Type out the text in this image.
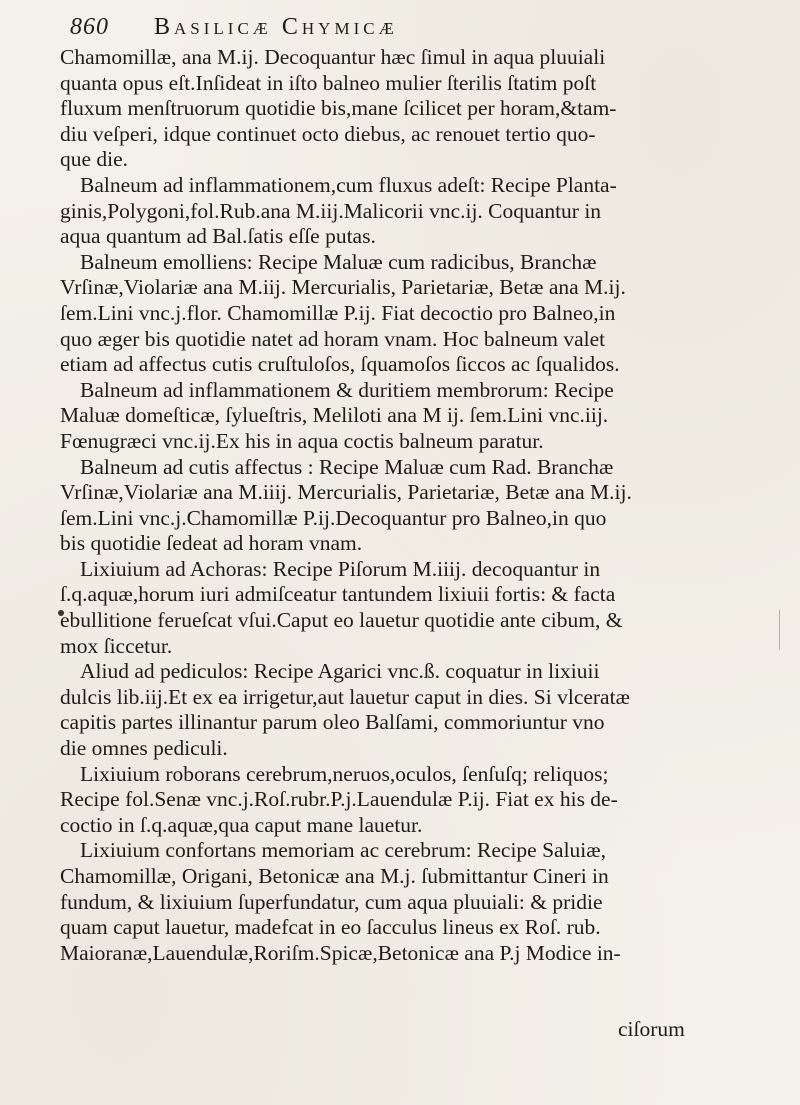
860 Basilicæ Chymicæ
Chamomillæ, ana M.ij. Decoquantur hæc ſimul in aqua pluuiali
quanta opus eſt.Inſideat in iſto balneo mulier ſterilis ſtatim poſt
fluxum menſtruorum quotidie bis,mane ſcilicet per horam,&tam-
diu veſperi, idque continuet octo diebus, ac renouet tertio quo-
que die.
Balneum ad inflammationem,cum fluxus adeſt: Recipe Planta-
ginis,Polygoni,fol.Rub.ana M.iij.Malicorii vnc.ij. Coquantur in
aqua quantum ad Bal.ſatis eſſe putas.
Balneum emolliens: Recipe Maluæ cum radicibus, Branchæ
Vrſinæ,Violariæ ana M.iij. Mercurialis, Parietariæ, Betæ ana M.ij.
ſem.Lini vnc.j.flor. Chamomillæ P.ij. Fiat decoctio pro Balneo,in
quo æger bis quotidie natet ad horam vnam. Hoc balneum valet
etiam ad affectus cutis cruſtuloſos, ſquamoſos ſiccos ac ſqualidos.
Balneum ad inflammationem & duritiem membrorum: Recipe
Maluæ domeſticæ, ſylueſtris, Meliloti ana M ij. ſem.Lini vnc.iij.
Fœnugræci vnc.ij.Ex his in aqua coctis balneum paratur.
Balneum ad cutis affectus : Recipe Maluæ cum Rad. Branchæ
Vrſinæ,Violariæ ana M.iiij. Mercurialis, Parietariæ, Betæ ana M.ij.
ſem.Lini vnc.j.Chamomillæ P.ij.Decoquantur pro Balneo,in quo
bis quotidie ſedeat ad horam vnam.
Lixiuium ad Achoras: Recipe Piſorum M.iiij. decoquantur in
ſ.q.aquæ,horum iuri admiſceatur tantundem lixiuii fortis: & facta
ebullitione ferueſcat vſui.Caput eo lauetur quotidie ante cibum, &
mox ſiccetur.
Aliud ad pediculos: Recipe Agarici vnc.ß. coquatur in lixiuii
dulcis lib.iij.Et ex ea irrigetur,aut lauetur caput in dies. Si vlceratæ
capitis partes illinantur parum oleo Balſami, commoriuntur vno
die omnes pediculi.
Lixiuium roborans cerebrum,neruos,oculos, ſenſuſq; reliquos;
Recipe fol.Senæ vnc.j.Roſ.rubr.P.j.Lauendulæ P.ij. Fiat ex his de-
coctio in ſ.q.aquæ,qua caput mane lauetur.
Lixiuium confortans memoriam ac cerebrum: Recipe Saluiæ,
Chamomillæ, Origani, Betonicæ ana M.j. ſubmittantur Cineri in
fundum, & lixiuium ſuperfundatur, cum aqua pluuiali: & pridie
quam caput lauetur, madefcat in eo ſacculus lineus ex Roſ. rub.
Maioranæ,Lauendulæ,Roriſm.Spicæ,Betonicæ ana P.j Modice in-
ciſorum
